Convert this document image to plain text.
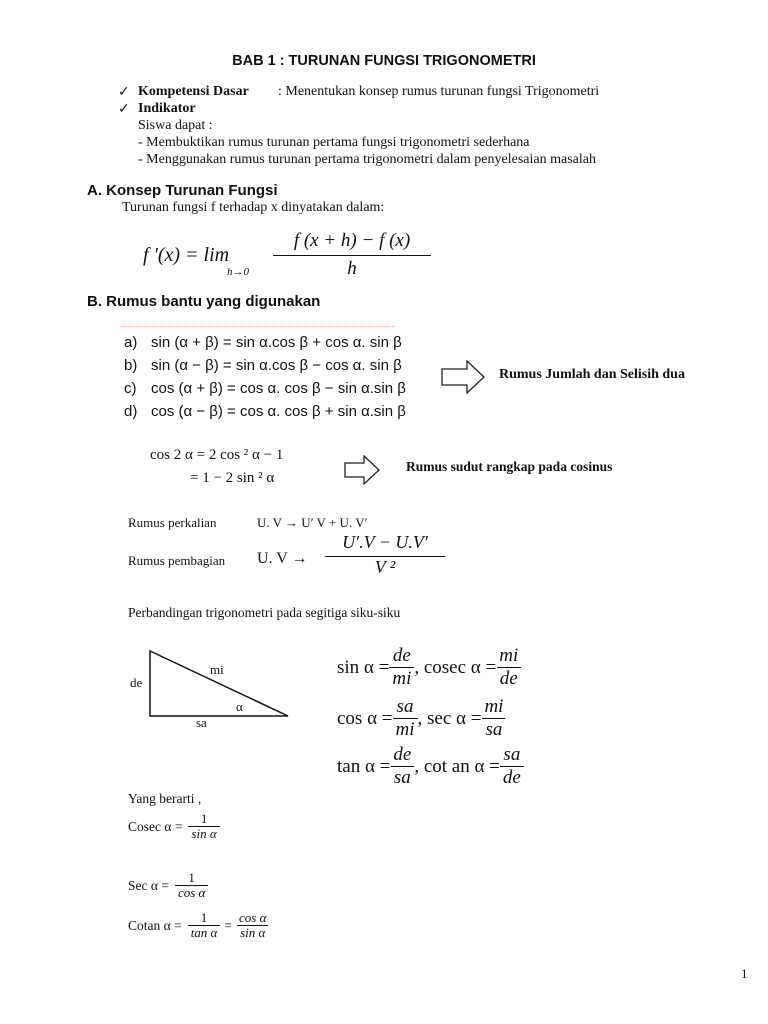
BAB 1 : TURUNAN FUNGSI TRIGONOMETRI
✓ Kompetensi Dasar : Menentukan konsep rumus turunan fungsi Trigonometri
✓ Indikator
Siswa dapat :
- Membuktikan rumus turunan pertama fungsi trigonometri sederhana
- Menggunakan rumus turunan pertama trigonometri dalam penyelesaian masalah
A. Konsep Turunan Fungsi
Turunan fungsi f terhadap x dinyatakan dalam:
f '(x) = lim
h→0
f (x + h) − f (x)
h
B. Rumus bantu yang digunakan
a) sin (α + β) = sin α.cos β + cos α. sin β
b) sin (α − β) = sin α.cos β − cos α. sin β
c) cos (α + β) = cos α. cos β − sin α.sin β
d) cos (α − β) = cos α. cos β + sin α.sin β
Rumus Jumlah dan Selisih dua
cos 2 α = 2 cos ² α − 1
= 1 − 2 sin ² α
Rumus sudut rangkap pada cosinus
Rumus perkalian	U. V → U′ V + U. V′
Rumus pembagian U. V →
U′.V − U.V′
V ²
Perbandingan trigonometri pada segitiga siku-siku
de
mi
sa
α
$\sin \alpha = \frac{de}{mi}$ , cosec $\alpha = \frac{mi}{de}$
$\cos \alpha = \frac{sa}{mi}$ , $\sec \alpha = \frac{mi}{sa}$
$\tan \alpha = \frac{de}{sa}$ , cot an $\alpha = \frac{sa}{de}$
Yang berarti ,
Cosec $\alpha = \frac{1}{\text{sin α}}$
Sec $\alpha = \frac{1}{\text{cos α}}$
Cotan $\alpha = \frac{1}{\text{tan α}} = \frac{\text{cos α}}{\text{sin α}}$
1
